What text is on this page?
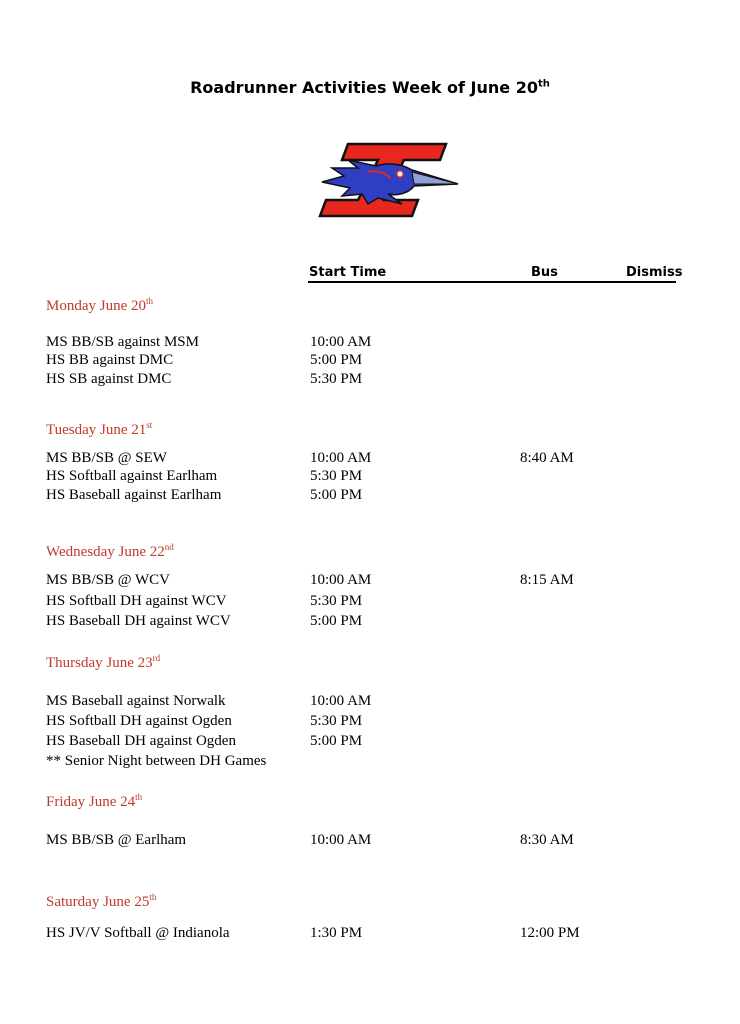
Roadrunner Activities Week of June 20th
Start Time	Bus	Dismiss
Monday June 20th
MS BB/SB against MSM	10:00 AM
HS BB against DMC	5:00 PM
HS SB against DMC	5:30 PM
Tuesday June 21st
MS BB/SB @ SEW	10:00 AM	8:40 AM
HS Softball against Earlham	5:30 PM
HS Baseball against Earlham	5:00 PM
Wednesday June 22nd
MS BB/SB @ WCV	10:00 AM	8:15 AM
HS Softball DH against WCV	5:30 PM
HS Baseball DH against WCV	5:00 PM
Thursday June 23rd
MS Baseball against Norwalk	10:00 AM
HS Softball DH against Ogden	5:30 PM
HS Baseball DH against Ogden	5:00 PM
** Senior Night between DH Games
Friday June 24th
MS BB/SB @ Earlham	10:00 AM	8:30 AM
Saturday June 25th
HS JV/V Softball @ Indianola	1:30 PM	12:00 PM
